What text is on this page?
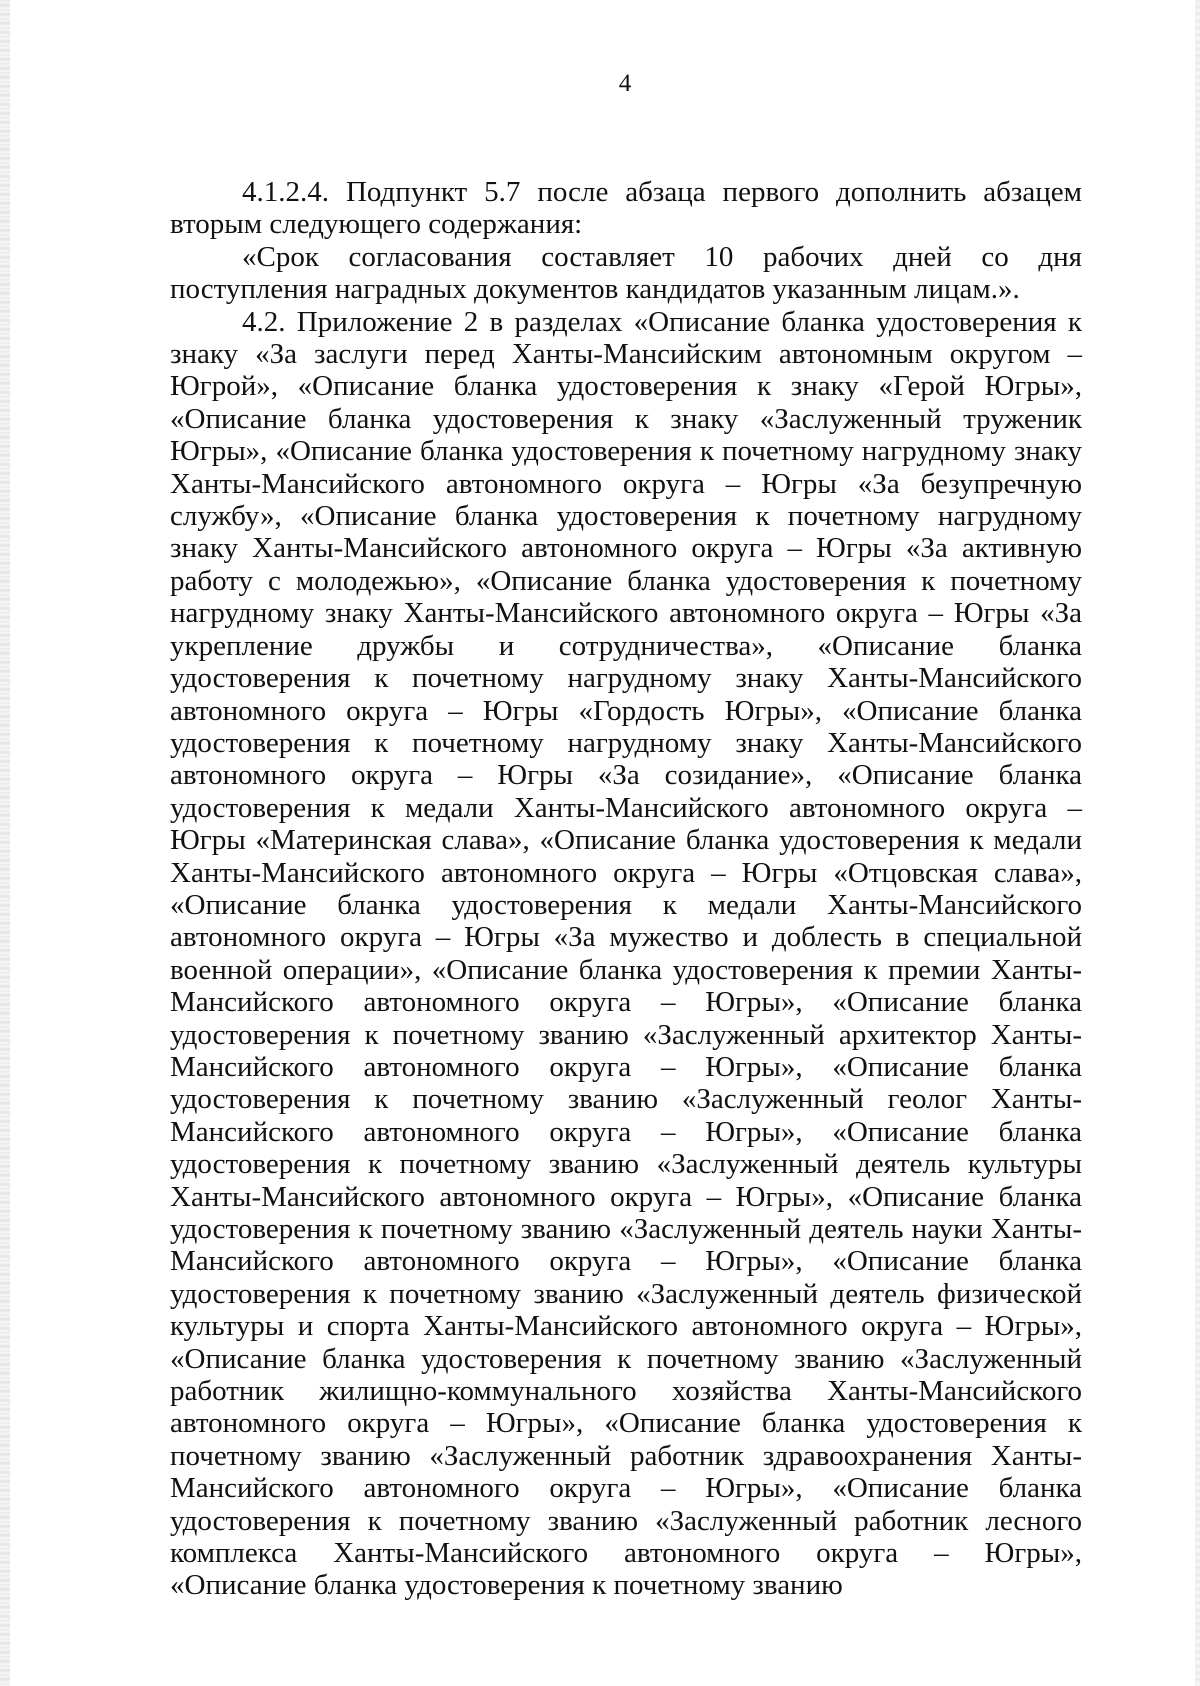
4

4.1.2.4. Подпункт 5.7 после абзаца первого дополнить абзацем вторым следующего содержания:

«Срок согласования составляет 10 рабочих дней со дня поступления наградных документов кандидатов указанным лицам.».

4.2. Приложение 2 в разделах «Описание бланка удостоверения к знаку «За заслуги перед Ханты-Мансийским автономным округом – Югрой», «Описание бланка удостоверения к знаку «Герой Югры», «Описание бланка удостоверения к знаку «Заслуженный труженик Югры», «Описание бланка удостоверения к почетному нагрудному знаку Ханты-Мансийского автономного округа – Югры «За безупречную службу», «Описание бланка удостоверения к почетному нагрудному знаку Ханты-Мансийского автономного округа – Югры «За активную работу с молодежью», «Описание бланка удостоверения к почетному нагрудному знаку Ханты-Мансийского автономного округа – Югры «За укрепление дружбы и сотрудничества», «Описание бланка удостоверения к почетному нагрудному знаку Ханты-Мансийского автономного округа – Югры «Гордость Югры», «Описание бланка удостоверения к почетному нагрудному знаку Ханты-Мансийского автономного округа – Югры «За созидание», «Описание бланка удостоверения к медали Ханты-Мансийского автономного округа – Югры «Материнская слава», «Описание бланка удостоверения к медали Ханты-Мансийского автономного округа – Югры «Отцовская слава», «Описание бланка удостоверения к медали Ханты-Мансийского автономного округа – Югры «За мужество и доблесть в специальной военной операции», «Описание бланка удостоверения к премии Ханты-Мансийского автономного округа – Югры», «Описание бланка удостоверения к почетному званию «Заслуженный архитектор Ханты-Мансийского автономного округа – Югры», «Описание бланка удостоверения к почетному званию «Заслуженный геолог Ханты-Мансийского автономного округа – Югры», «Описание бланка удостоверения к почетному званию «Заслуженный деятель культуры Ханты-Мансийского автономного округа – Югры», «Описание бланка удостоверения к почетному званию «Заслуженный деятель науки Ханты-Мансийского автономного округа – Югры», «Описание бланка удостоверения к почетному званию «Заслуженный деятель физической культуры и спорта Ханты-Мансийского автономного округа – Югры», «Описание бланка удостоверения к почетному званию «Заслуженный работник жилищно-коммунального хозяйства Ханты-Мансийского автономного округа – Югры», «Описание бланка удостоверения к почетному званию «Заслуженный работник здравоохранения Ханты-Мансийского автономного округа – Югры», «Описание бланка удостоверения к почетному званию «Заслуженный работник лесного комплекса Ханты-Мансийского автономного округа – Югры», «Описание бланка удостоверения к почетному званию
